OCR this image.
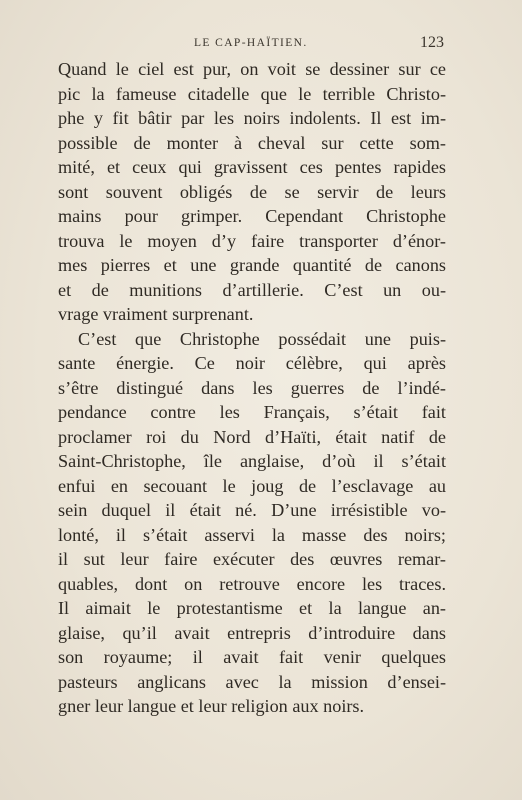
LE CAP-HAÏTIEN.	123
Quand le ciel est pur, on voit se dessiner sur ce
pic la fameuse citadelle que le terrible Christo-
phe y fit bâtir par les noirs indolents. Il est im-
possible de monter à cheval sur cette som-
mité, et ceux qui gravissent ces pentes rapides
sont souvent obligés de se servir de leurs
mains pour grimper. Cependant Christophe
trouva le moyen d’y faire transporter d’énor-
mes pierres et une grande quantité de canons
et de munitions d’artillerie. C’est un ou-
vrage vraiment surprenant.
C’est que Christophe possédait une puis-
sante énergie. Ce noir célèbre, qui après
s’être distingué dans les guerres de l’indé-
pendance contre les Français, s’était fait
proclamer roi du Nord d’Haïti, était natif de
Saint-Christophe, île anglaise, d’où il s’était
enfui en secouant le joug de l’esclavage au
sein duquel il était né. D’une irrésistible vo-
lonté, il s’était asservi la masse des noirs;
il sut leur faire exécuter des œuvres remar-
quables, dont on retrouve encore les traces.
Il aimait le protestantisme et la langue an-
glaise, qu’il avait entrepris d’introduire dans
son royaume; il avait fait venir quelques
pasteurs anglicans avec la mission d’ensei-
gner leur langue et leur religion aux noirs.
